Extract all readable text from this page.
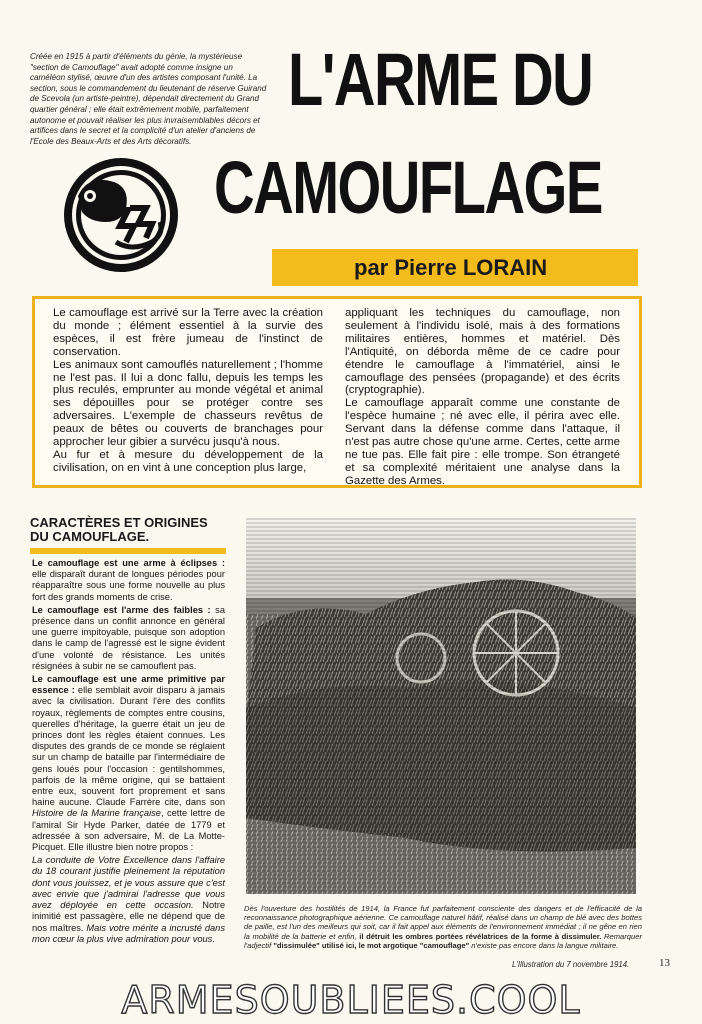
Créée en 1915 à partir d'éléments du génie, la mystérieuse "section de Camouflage" avait adopté comme insigne un caméléon stylisé, œuvre d'un des artistes composant l'unité. La section, sous le commandement du lieutenant de réserve Guirand de Scevola (un artiste-peintre), dépendait directement du Grand quartier général ; elle était extrêmement mobile, parfaitement autonome et pouvait réaliser les plus invraisemblables décors et artifices dans le secret et la complicité d'un atelier d'anciens de l'Ecole des Beaux-Arts et des Arts décoratifs.
L'ARME DU
CAMOUFLAGE
par Pierre LORAIN

Le camouflage est arrivé sur la Terre avec la création du monde ; élément essentiel à la survie des espèces, il est frère jumeau de l'instinct de conservation.

Les animaux sont camouflés naturellement ; l'homme ne l'est pas. Il lui a donc fallu, depuis les temps les plus reculés, emprunter au monde végétal et animal ses dépouilles pour se protéger contre ses adversaires. L'exemple de chasseurs revêtus de peaux de bêtes ou couverts de branchages pour approcher leur gibier a survécu jusqu'à nous.

Au fur et à mesure du développement de la civilisation, on en vint à une conception plus large,

appliquant les techniques du camouflage, non seulement à l'individu isolé, mais à des formations militaires entières, hommes et matériel. Dès l'Antiquité, on déborda même de ce cadre pour étendre le camouflage à l'immatériel, ainsi le camouflage des pensées (propagande) et des écrits (cryptographie).

Le camouflage apparaît comme une constante de l'espèce humaine ; né avec elle, il périra avec elle. Servant dans la défense comme dans l'attaque, il n'est pas autre chose qu'une arme. Certes, cette arme ne tue pas. Elle fait pire : elle trompe. Son étrangeté et sa complexité méritaient une analyse dans la Gazette des Armes.

CARACTÈRES ET ORIGINES
DU CAMOUFLAGE.

Le camouflage est une arme à éclipses : elle disparaît durant de longues périodes pour réapparaître sous une forme nouvelle au plus fort des grands moments de crise.

Le camouflage est l'arme des faibles : sa présence dans un conflit annonce en général une guerre impitoyable, puisque son adoption dans le camp de l'agressé est le signe évident d'une volonté de résistance. Les unités résignées à subir ne se camouflent pas.

Le camouflage est une arme primitive par essence : elle semblait avoir disparu à jamais avec la civilisation. Durant l'ère des conflits royaux, règlements de comptes entre cousins, querelles d'héritage, la guerre était un jeu de princes dont les règles étaient connues. Les disputes des grands de ce monde se réglaient sur un champ de bataille par l'intermédiaire de gens loués pour l'occasion : gentilshommes, parfois de la même origine, qui se battaient entre eux, souvent fort proprement et sans haine aucune. Claude Farrère cite, dans son Histoire de la Marine française, cette lettre de l'amiral Sir Hyde Parker, datée de 1779 et adressée à son adversaire, M. de La Motte-Picquet. Elle illustre bien notre propos :

La conduite de Votre Excellence dans l'affaire du 18 courant justifie pleinement la réputation dont vous jouissez, et je vous assure que c'est avec envie que j'admirai l'adresse que vous avez déployée en cette occasion. Notre inimitié est passagère, elle ne dépend que de nos maîtres. Mais votre mérite a incrusté dans mon cœur la plus vive admiration pour vous.

Dès l'ouverture des hostilités de 1914, la France fut parfaitement consciente des dangers et de l'efficacité de la reconnaissance photographique aérienne. Ce camouflage naturel hâtif, réalisé dans un champ de blé avec des bottes de paille, est l'un des meilleurs qui soit, car il fait appel aux éléments de l'environnement immédiat ; il ne gêne en rien la mobilité de la batterie et enfin, il détruit les ombres portées révélatrices de la forme à dissimuler. Remarquer l'adjectif "dissimulée" utilisé ici, le mot argotique "camouflage" n'existe pas encore dans la langue militaire.
L'Illustration du 7 novembre 1914.	13
ARMESOUBLIEES.COOL
